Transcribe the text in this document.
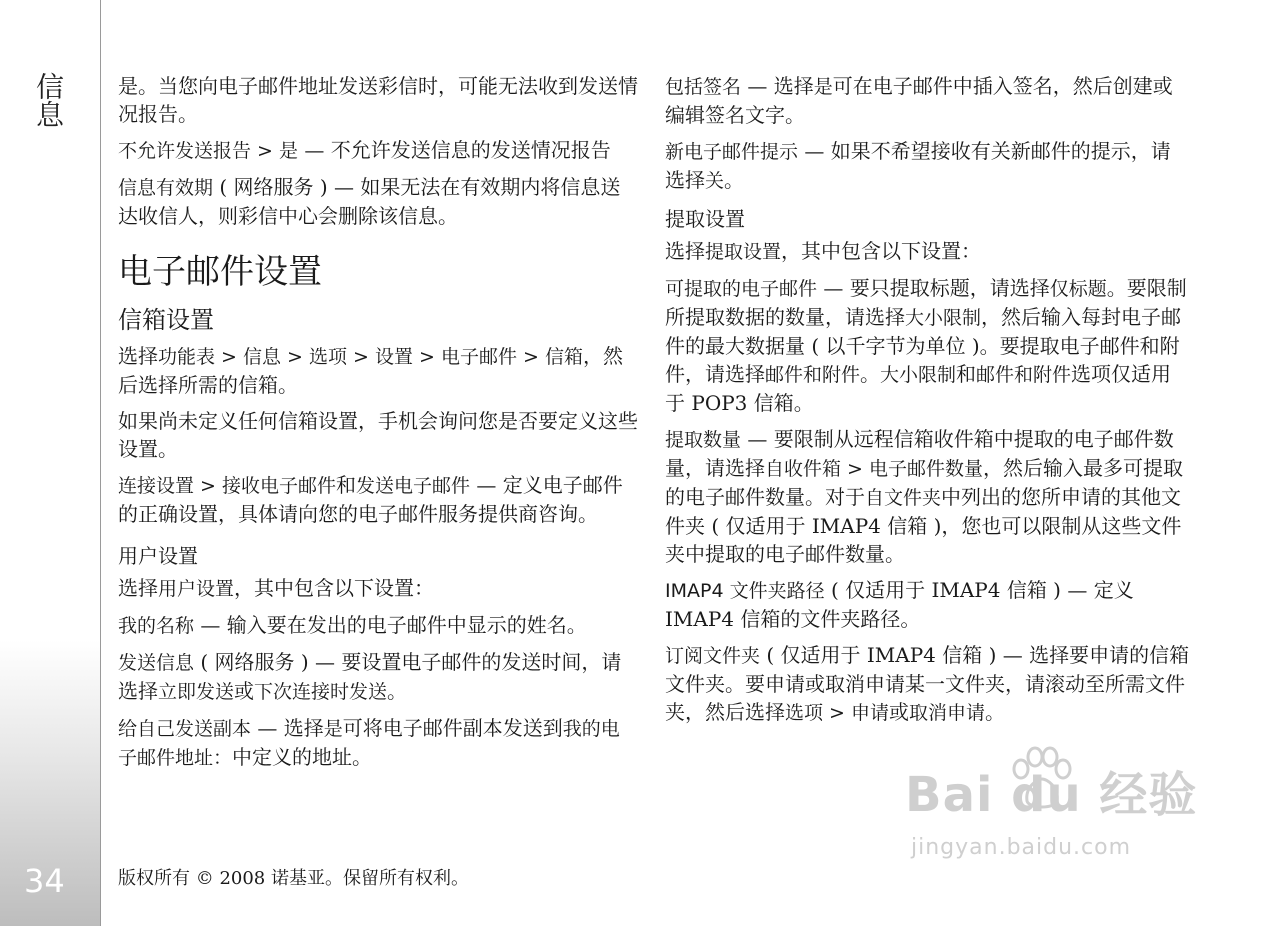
信息
34

是。当您向电子邮件地址发送彩信时，可能无法收到发送情况报告。

不允许发送报告 > 是 — 不允许发送信息的发送情况报告

信息有效期 ( 网络服务 ) — 如果无法在有效期内将信息送达收信人，则彩信中心会删除该信息。

电子邮件设置
信箱设置

选择功能表 > 信息 > 选项 > 设置 > 电子邮件 > 信箱，然后选择所需的信箱。

如果尚未定义任何信箱设置，手机会询问您是否要定义这些设置。

连接设置 > 接收电子邮件和发送电子邮件 — 定义电子邮件的正确设置，具体请向您的电子邮件服务提供商咨询。

用户设置

选择用户设置，其中包含以下设置：

我的名称 — 输入要在发出的电子邮件中显示的姓名。

发送信息 ( 网络服务 ) — 要设置电子邮件的发送时间，请选择立即发送或下次连接时发送。

给自己发送副本 — 选择是可将电子邮件副本发送到我的电子邮件地址：中定义的地址。

包括签名 — 选择是可在电子邮件中插入签名，然后创建或编辑签名文字。

新电子邮件提示 — 如果不希望接收有关新邮件的提示，请选择关。

提取设置

选择提取设置，其中包含以下设置：

可提取的电子邮件 — 要只提取标题，请选择仅标题。要限制所提取数据的数量，请选择大小限制，然后输入每封电子邮件的最大数据量 ( 以千字节为单位 )。要提取电子邮件和附件，请选择邮件和附件。大小限制和邮件和附件选项仅适用于 POP3 信箱。

提取数量 — 要限制从远程信箱收件箱中提取的电子邮件数量，请选择自收件箱 > 电子邮件数量，然后输入最多可提取的电子邮件数量。对于自文件夹中列出的您所申请的其他文件夹 ( 仅适用于 IMAP4 信箱 )，您也可以限制从这些文件夹中提取的电子邮件数量。

IMAP4 文件夹路径 ( 仅适用于 IMAP4 信箱 ) — 定义 IMAP4 信箱的文件夹路径。

订阅文件夹 ( 仅适用于 IMAP4 信箱 ) — 选择要申请的信箱文件夹。要申请或取消申请某一文件夹，请滚动至所需文件夹，然后选择选项 > 申请或取消申请。

版权所有 © 2008 诺基亚。保留所有权利。
Bai du 经验
jingyan.baidu.com
